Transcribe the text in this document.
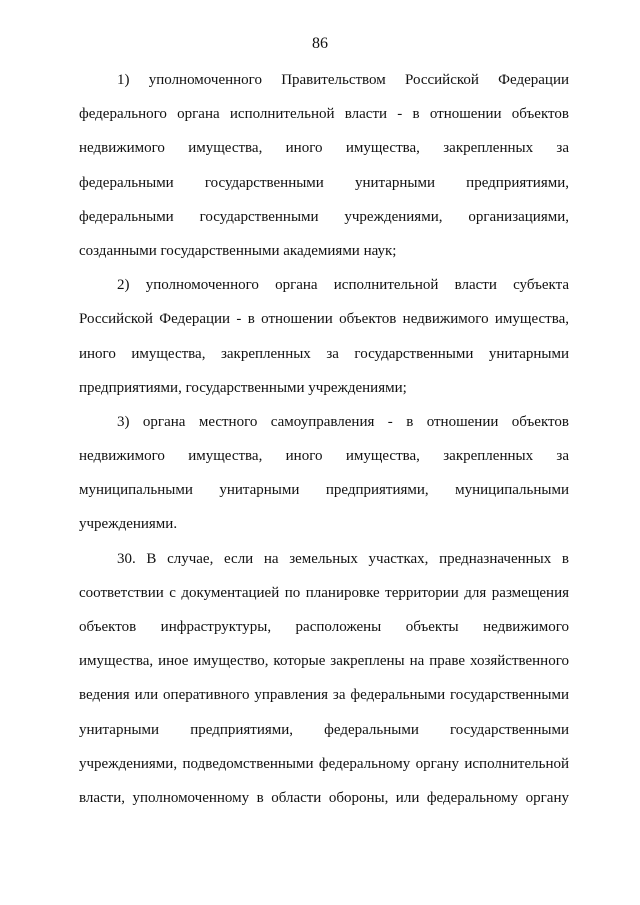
86
1) уполномоченного Правительством Российской Федерации
федерального органа исполнительной власти - в отношении объектов
недвижимого имущества, иного имущества, закрепленных за
федеральными государственными унитарными предприятиями,
федеральными государственными учреждениями, организациями,
созданными государственными академиями наук;
2) уполномоченного органа исполнительной власти субъекта
Российской Федерации - в отношении объектов недвижимого имущества,
иного имущества, закрепленных за государственными унитарными
предприятиями, государственными учреждениями;
3) органа местного самоуправления - в отношении объектов
недвижимого имущества, иного имущества, закрепленных за
муниципальными унитарными предприятиями, муниципальными
учреждениями.
30. В случае, если на земельных участках, предназначенных в
соответствии с документацией по планировке территории для размещения
объектов инфраструктуры, расположены объекты недвижимого
имущества, иное имущество, которые закреплены на праве хозяйственного
ведения или оперативного управления за федеральными государственными
унитарными предприятиями, федеральными государственными
учреждениями, подведомственными федеральному органу исполнительной
власти, уполномоченному в области обороны, или федеральному органу
